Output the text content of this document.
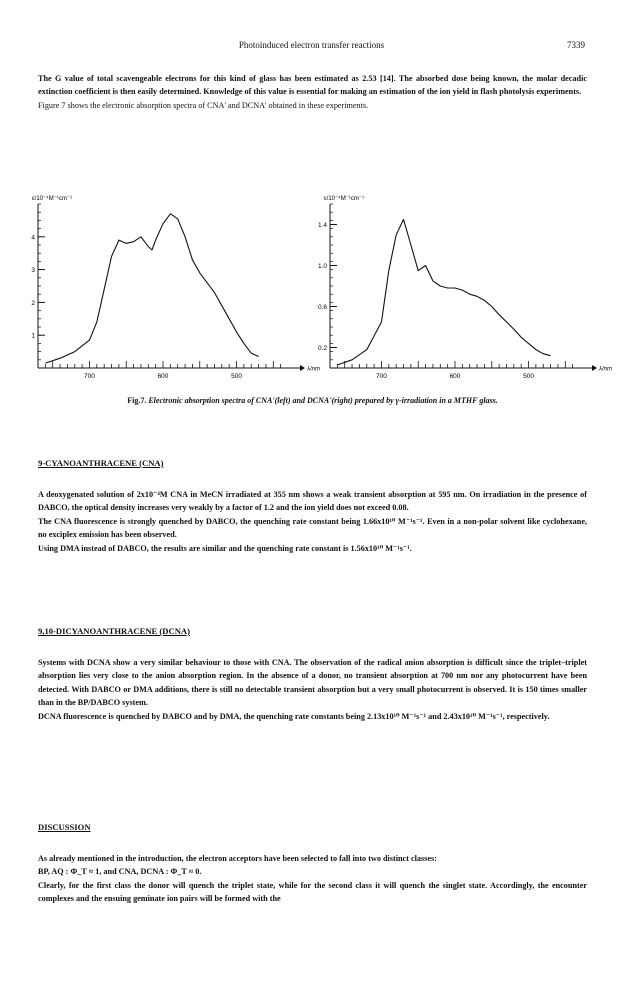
Photoinduced electron transfer reactions	7339

The G value of total scavengeable electrons for this kind of glass has been estimated as 2.53 [14]. The absorbed dose being known, the molar decadic extinction coefficient is then easily determined. Knowledge of this value is essential for making an estimation of the ion yield in flash photolysis experiments.

Figure 7 shows the electronic absorption spectra of CNA' and DCNA' obtained in these experiments.

ε/10⁻⁴M⁻¹cm⁻¹
4
3
2
1
700	600	500
λ/nm
ε/10⁻⁴M⁻¹cm⁻¹
1.4
1.0
0.6
0.2
700	600	500
λ/nm
Fig.7. Electronic absorption spectra of CNA'(left) and DCNA'(right) prepared by γ-irradiation in a MTHF glass.
9-CYANOANTHRACENE (CNA)

A deoxygenated solution of 2x10⁻⁴M CNA in MeCN irradiated at 355 nm shows a weak transient absorption at 595 nm. On irradiation in the presence of DABCO, the optical density increases very weakly by a factor of 1.2 and the ion yield does not exceed 0.08.

The CNA fluorescence is strongly quenched by DABCO, the quenching rate constant being 1.66x10¹⁰ M⁻¹s⁻¹. Even in a non-polar solvent like cyclohexane, no exciplex emission has been observed.

Using DMA instead of DABCO, the results are similar and the quenching rate constant is 1.56x10¹⁰ M⁻¹s⁻¹.

9,10-DICYANOANTHRACENE (DCNA)

Systems with DCNA show a very similar behaviour to those with CNA. The observation of the radical anion absorption is difficult since the triplet–triplet absorption lies very close to the anion absorption region. In the absence of a donor, no transient absorption at 700 nm nor any photocurrent have been detected. With DABCO or DMA additions, there is still no detectable transient absorption but a very small photocurrent is observed. It is 150 times smaller than in the BP/DABCO system.

DCNA fluorescence is quenched by DABCO and by DMA, the quenching rate constants being 2.13x10¹⁰ M⁻¹s⁻¹ and 2.43x10¹⁰ M⁻¹s⁻¹, respectively.

DISCUSSION

As already mentioned in the introduction, the electron acceptors have been selected to fall into two distinct classes:

BP, AQ : Φ_T ≈ 1, and CNA, DCNA : Φ_T ≈ 0.

Clearly, for the first class the donor will quench the triplet state, while for the second class it will quench the singlet state. Accordingly, the encounter complexes and the ensuing geminate ion pairs will be formed with the
